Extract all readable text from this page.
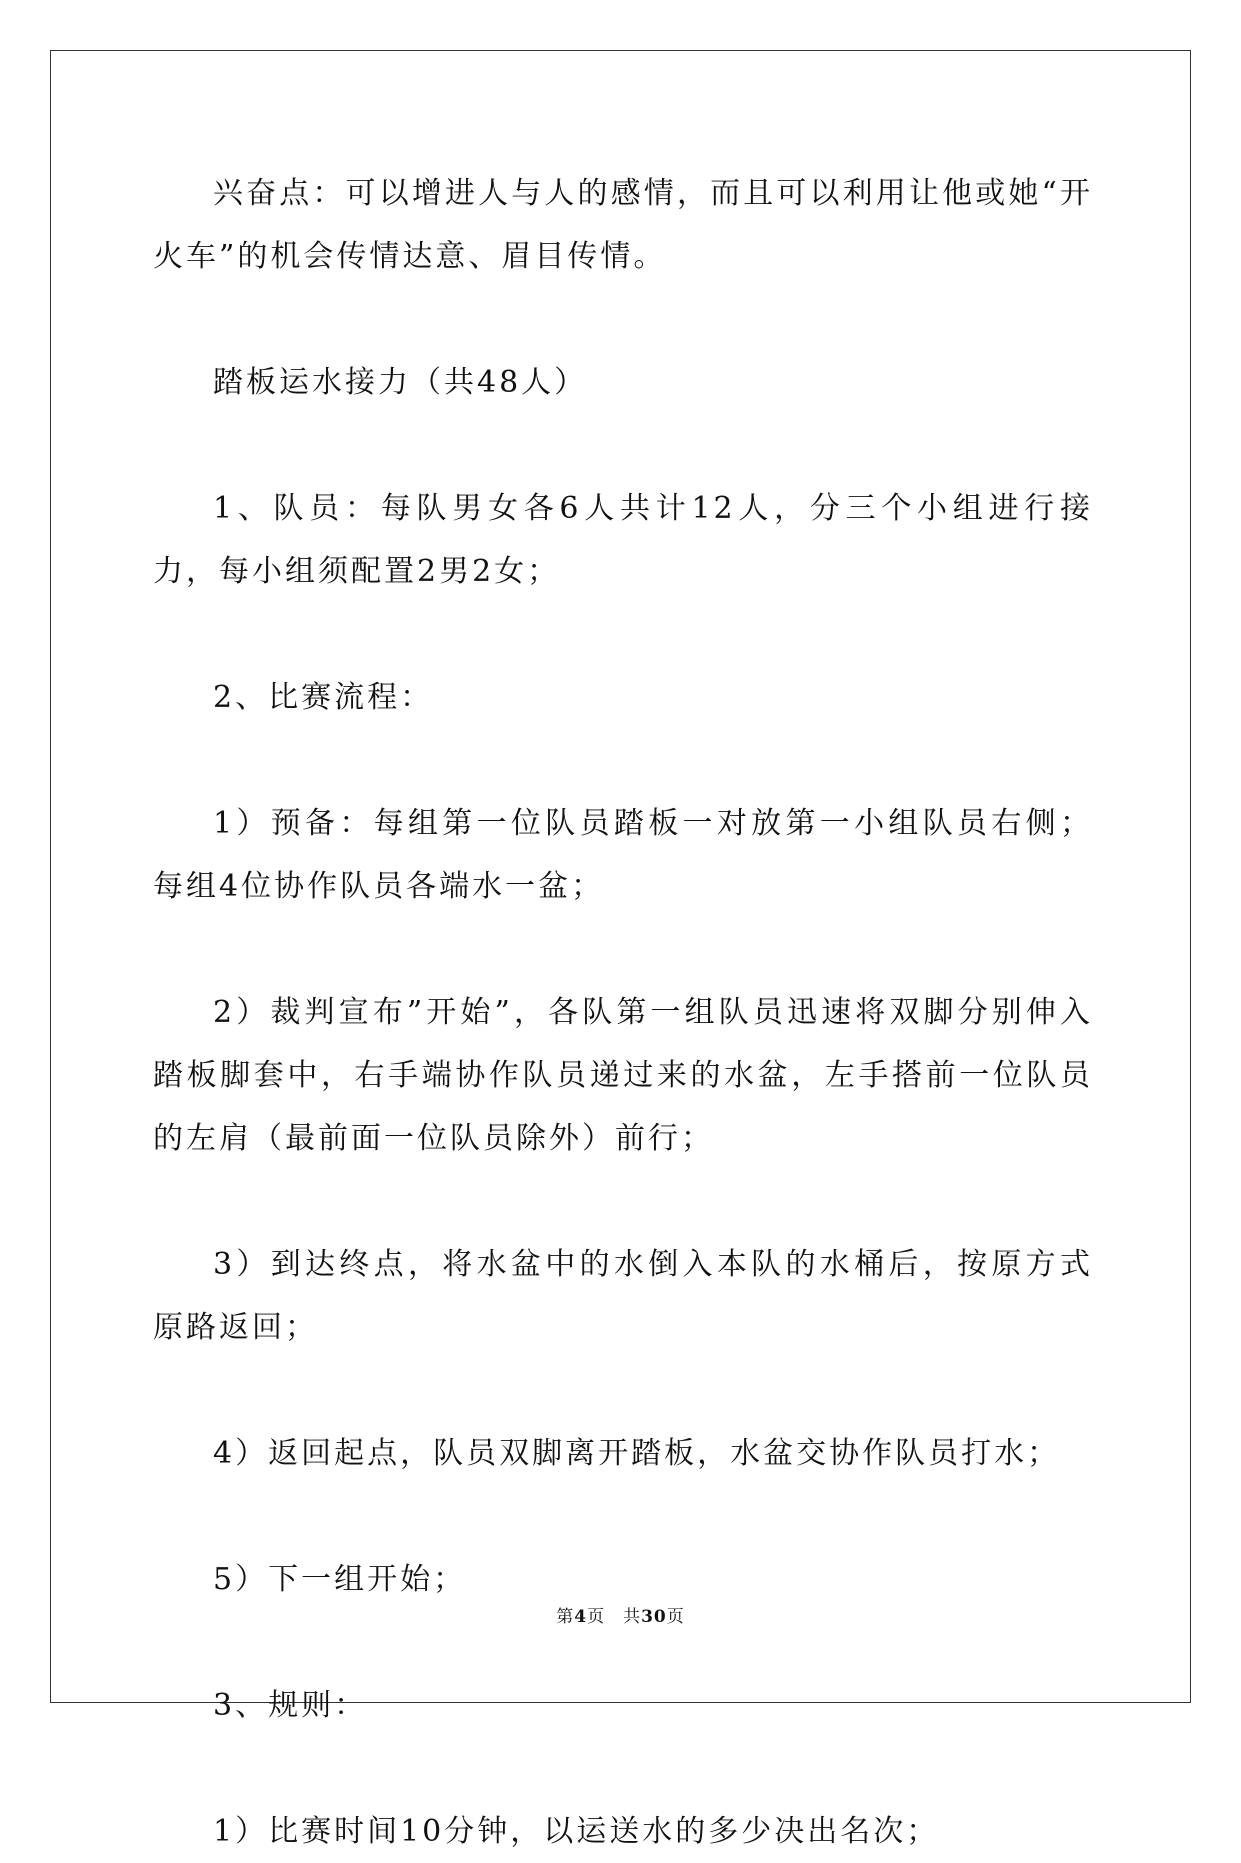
兴奋点：可以增进人与人的感情，而且可以利用让他或她“开火车”的机会传情达意、眉目传情。

踏板运水接力（共48人）

1、队员：每队男女各6人共计12人，分三个小组进行接力，每小组须配置2男2女；

2、比赛流程：

1）预备：每组第一位队员踏板一对放第一小组队员右侧；每组4位协作队员各端水一盆；

2）裁判宣布”开始”，各队第一组队员迅速将双脚分别伸入踏板脚套中，右手端协作队员递过来的水盆，左手搭前一位队员的左肩（最前面一位队员除外）前行；

3）到达终点，将水盆中的水倒入本队的水桶后，按原方式原路返回；

4）返回起点，队员双脚离开踏板，水盆交协作队员打水；

5）下一组开始；

3、规则：

1）比赛时间10分钟，以运送水的多少决出名次；

第4页　共30页
